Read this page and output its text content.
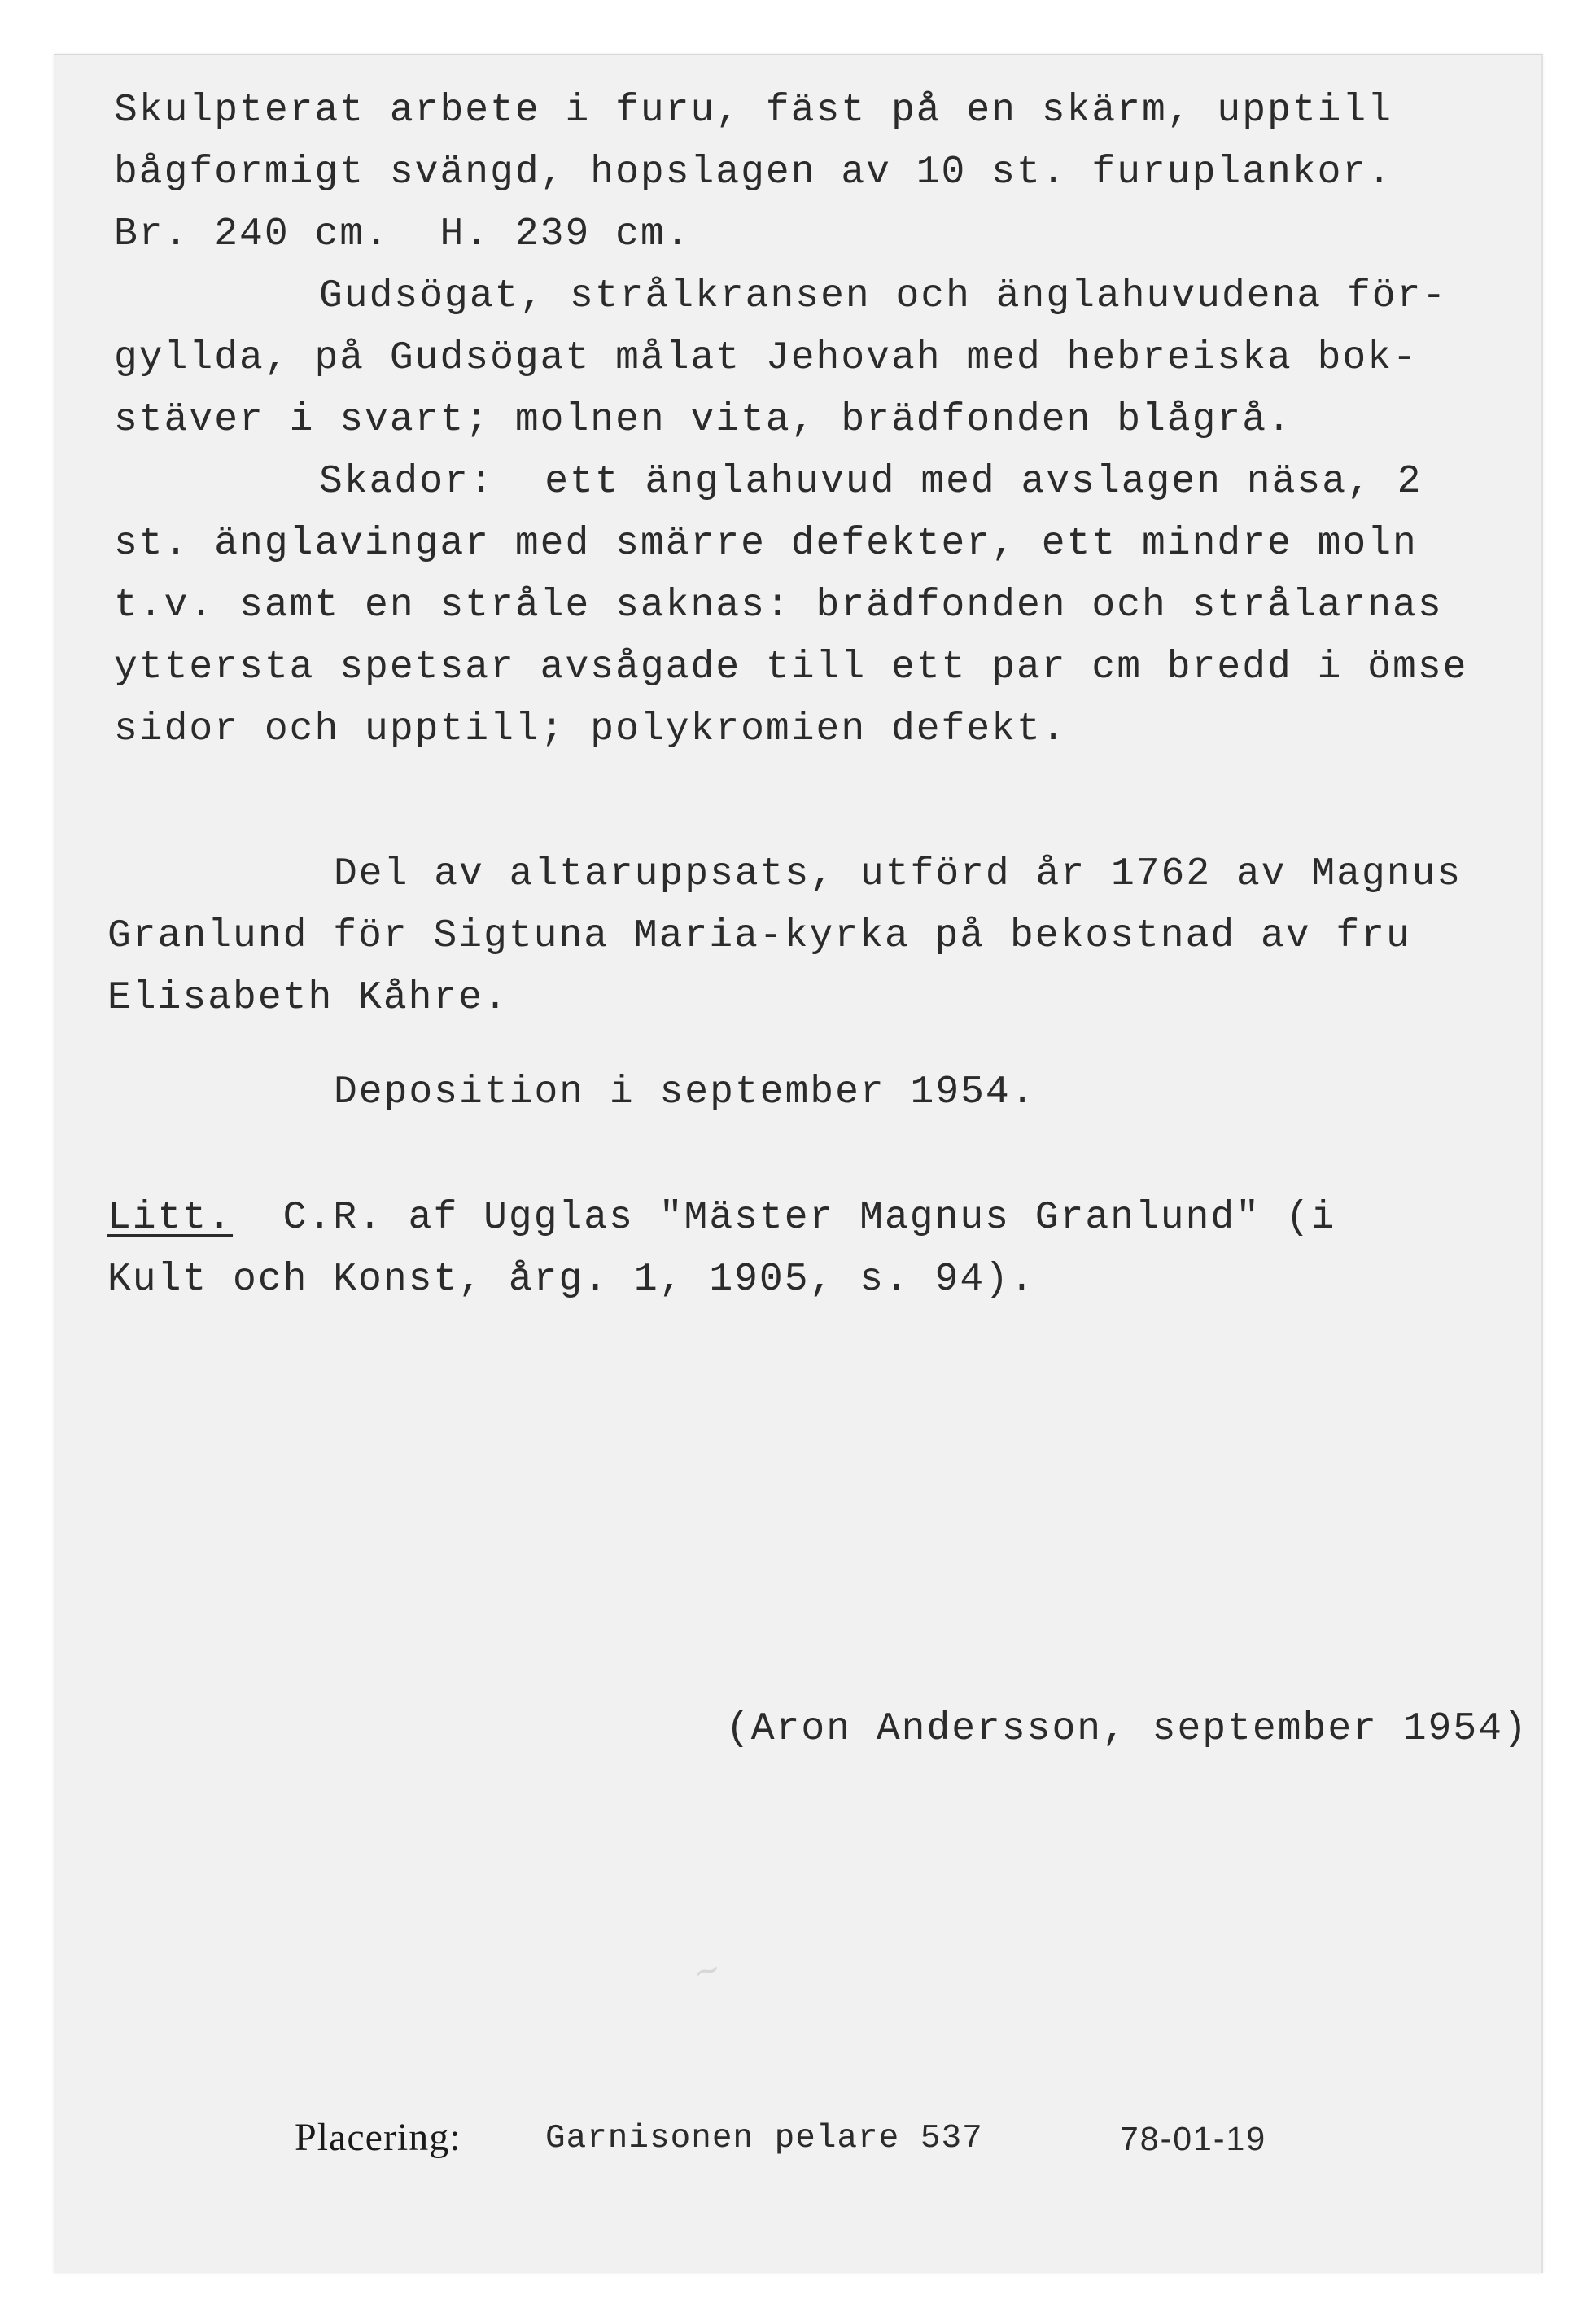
Skulpterat arbete i furu, fäst på en skärm, upptill
bågformigt svängd, hopslagen av 10 st. furuplankor.
Br. 240 cm.  H. 239 cm.
Gudsögat, strålkransen och änglahuvudena för-
gyllda, på Gudsögat målat Jehovah med hebreiska bok-
stäver i svart; molnen vita, brädfonden blågrå.
Skador:  ett änglahuvud med avslagen näsa, 2
st. änglavingar med smärre defekter, ett mindre moln
t.v. samt en stråle saknas: brädfonden och strålarnas
yttersta spetsar avsågade till ett par cm bredd i ömse
sidor och upptill; polykromien defekt.
Del av altaruppsats, utförd år 1762 av Magnus
Granlund för Sigtuna Maria-kyrka på bekostnad av fru
Elisabeth Kåhre.
Deposition i september 1954.
Litt. C.R. af Ugglas "Mäster Magnus Granlund" (i
Kult och Konst, årg. 1, 1905, s. 94).
(Aron Andersson, september 1954)
~
Placering:	Garnisonen pelare 537	78-01-19
